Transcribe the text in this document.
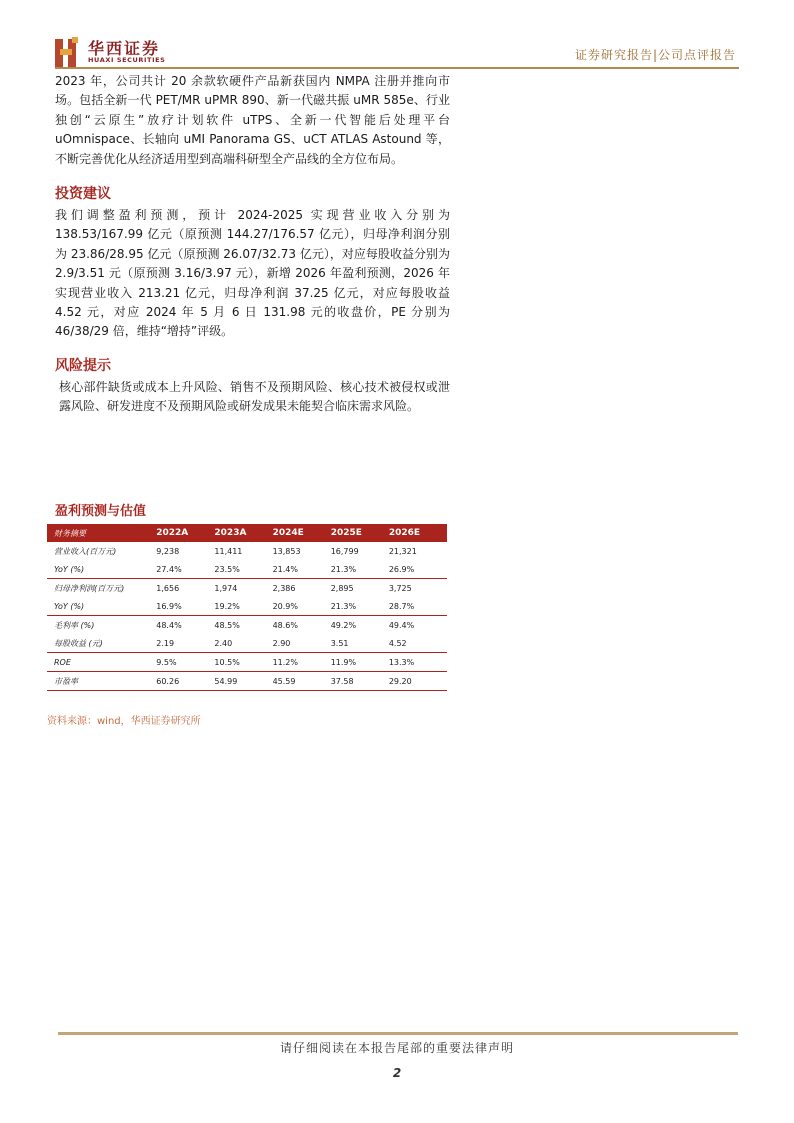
华西证券
HUAXI SECURITIES	证券研究报告|公司点评报告

2023 年，公司共计 20 余款软硬件产品新获国内 NMPA 注册并推向市场。包括全新一代 PET/MR uPMR 890、新一代磁共振 uMR 585e、行业独创“云原生”放疗计划软件 uTPS、全新一代智能后处理平台 uOmnispace、长轴向 uMI Panorama GS、uCT ATLAS Astound 等，不断完善优化从经济适用型到高端科研型全产品线的全方位布局。

投资建议

我们调整盈利预测，预计 2024-2025 实现营业收入分别为 138.53/167.99 亿元（原预测 144.27/176.57 亿元），归母净利润分别为 23.86/28.95 亿元（原预测 26.07/32.73 亿元），对应每股收益分别为 2.9/3.51 元（原预测 3.16/3.97 元），新增 2026 年盈利预测，2026 年实现营业收入 213.21 亿元，归母净利润 37.25 亿元，对应每股收益 4.52 元，对应 2024 年 5 月 6 日 131.98 元的收盘价，PE 分别为 46/38/29 倍，维持“增持”评级。

风险提示

核心部件缺货或成本上升风险、销售不及预期风险、核心技术被侵权或泄露风险、研发进度不及预期风险或研发成果未能契合临床需求风险。

盈利预测与估值
财务摘要	2022A	2023A	2024E	2025E	2026E
营业收入(百万元)	9,238	11,411	13,853	16,799	21,321
YoY (%)	27.4%	23.5%	21.4%	21.3%	26.9%
归母净利润(百万元)	1,656	1,974	2,386	2,895	3,725
YoY (%)	16.9%	19.2%	20.9%	21.3%	28.7%
毛利率 (%)	48.4%	48.5%	48.6%	49.2%	49.4%
每股收益 (元)	2.19	2.40	2.90	3.51	4.52
ROE	9.5%	10.5%	11.2%	11.9%	13.3%
市盈率	60.26	54.99	45.59	37.58	29.20
资料来源：wind，华西证券研究所
请仔细阅读在本报告尾部的重要法律声明
2
